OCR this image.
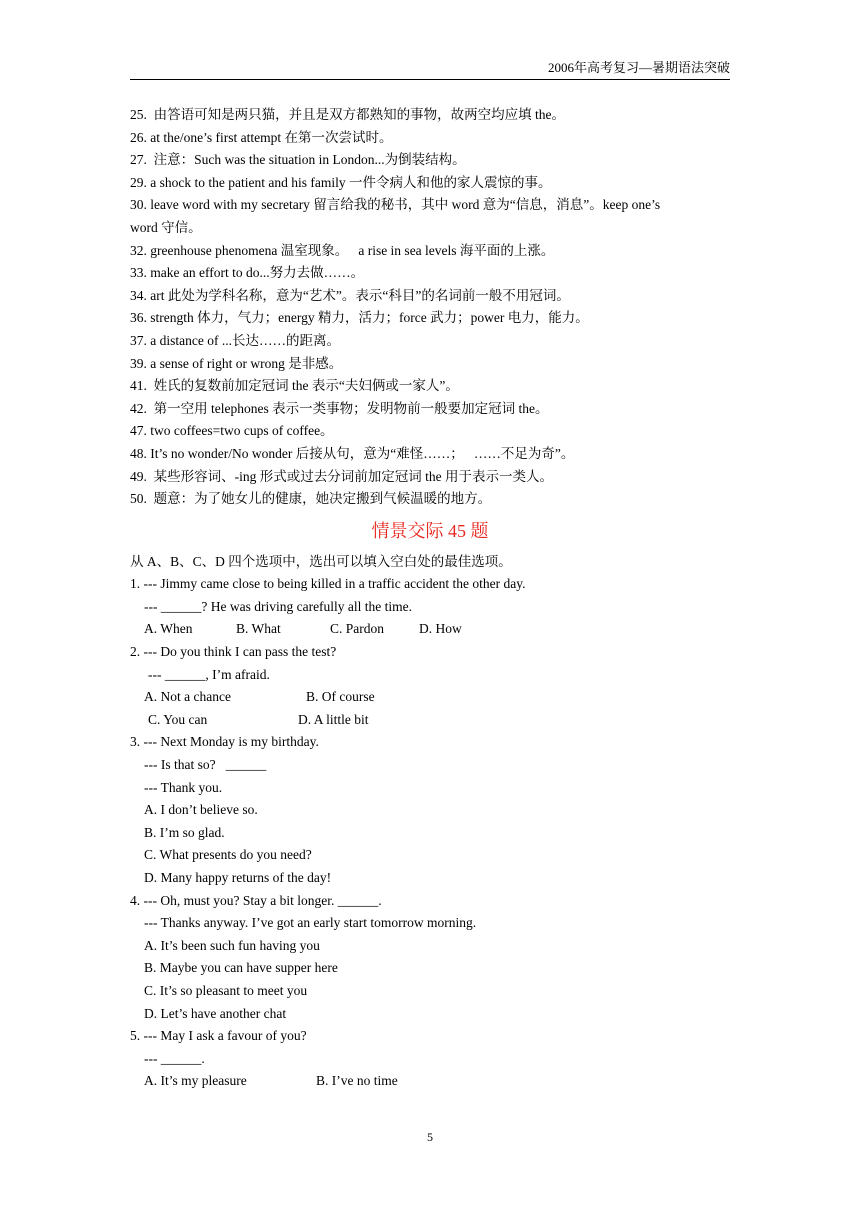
2006年高考复习—暑期语法突破
25.  由答语可知是两只猫，并且是双方都熟知的事物，故两空均应填 the。
26. at the/one’s first attempt 在第一次尝试时。
27.  注意：Such was the situation in London...为倒装结构。
29. a shock to the patient and his family 一件令病人和他的家人震惊的事。
30. leave word with my secretary 留言给我的秘书，其中 word 意为“信息，消息”。keep one’s
word 守信。
32. greenhouse phenomena 温室现象。   a rise in sea levels 海平面的上涨。
33. make an effort to do...努力去做……。
34. art 此处为学科名称，意为“艺术”。表示“科目”的名词前一般不用冠词。
36. strength 体力，气力；energy 精力，活力；force 武力；power 电力，能力。
37. a distance of ...长达……的距离。
39. a sense of right or wrong 是非感。
41.  姓氏的复数前加定冠词 the 表示“夫妇俩或一家人”。
42.  第一空用 telephones 表示一类事物；发明物前一般要加定冠词 the。
47. two coffees=two cups of coffee。
48. It’s no wonder/No wonder 后接从句，意为“难怪……；   ……不足为奇”。
49.  某些形容词、-ing 形式或过去分词前加定冠词 the 用于表示一类人。
50.  题意：为了她女儿的健康，她决定搬到气候温暖的地方。
情景交际 45 题
从 A、B、C、D 四个选项中，选出可以填入空白处的最佳选项。
1. --- Jimmy came close to being killed in a traffic accident the other day.
--- ______? He was driving carefully all the time.
A. When	B. What	C. Pardon	D. How
2. --- Do you think I can pass the test?
--- ______, I’m afraid.
A. Not a chance	B. Of course
C. You can	D. A little bit
3. --- Next Monday is my birthday.
--- Is that so?   ______
--- Thank you.
A. I don’t believe so.
B. I’m so glad.
C. What presents do you need?
D. Many happy returns of the day!
4. --- Oh, must you? Stay a bit longer. ______.
--- Thanks anyway. I’ve got an early start tomorrow morning.
A. It’s been such fun having you
B. Maybe you can have supper here
C. It’s so pleasant to meet you
D. Let’s have another chat
5. --- May I ask a favour of you?
--- ______.
A. It’s my pleasure	B. I’ve no time
5
